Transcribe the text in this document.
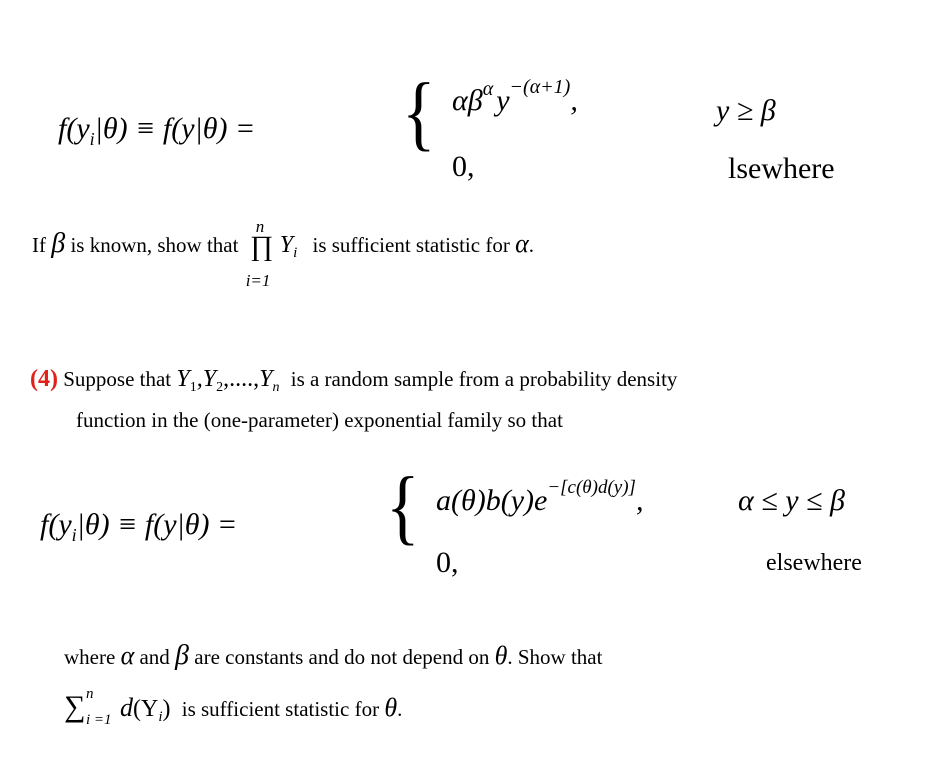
$f(y_i|\theta) \equiv f(y|\theta)$ = { $\alpha\beta^\alpha$ $y^{-(\alpha+1)}$,	y ≥ β
0,	lsewhere
If β is known, show that
n
∏
i=1
$Y_i$ is sufficient statistic for α.
(4) Suppose that $Y_1,Y_2,....,Y_n$ is a random sample from a probability density
function in the (one-parameter) exponential family so that
$f(y_i|\theta) \equiv f(y|\theta)$ = { $a(\theta)b(y)e^{-[c(\theta)d(y)]}$,	α ≤ y ≤ β
0,	elsewhere
where α and β are constants and do not depend on θ. Show that
∑ n
i =1 $d(Y_i)$ is sufficient statistic for θ.
